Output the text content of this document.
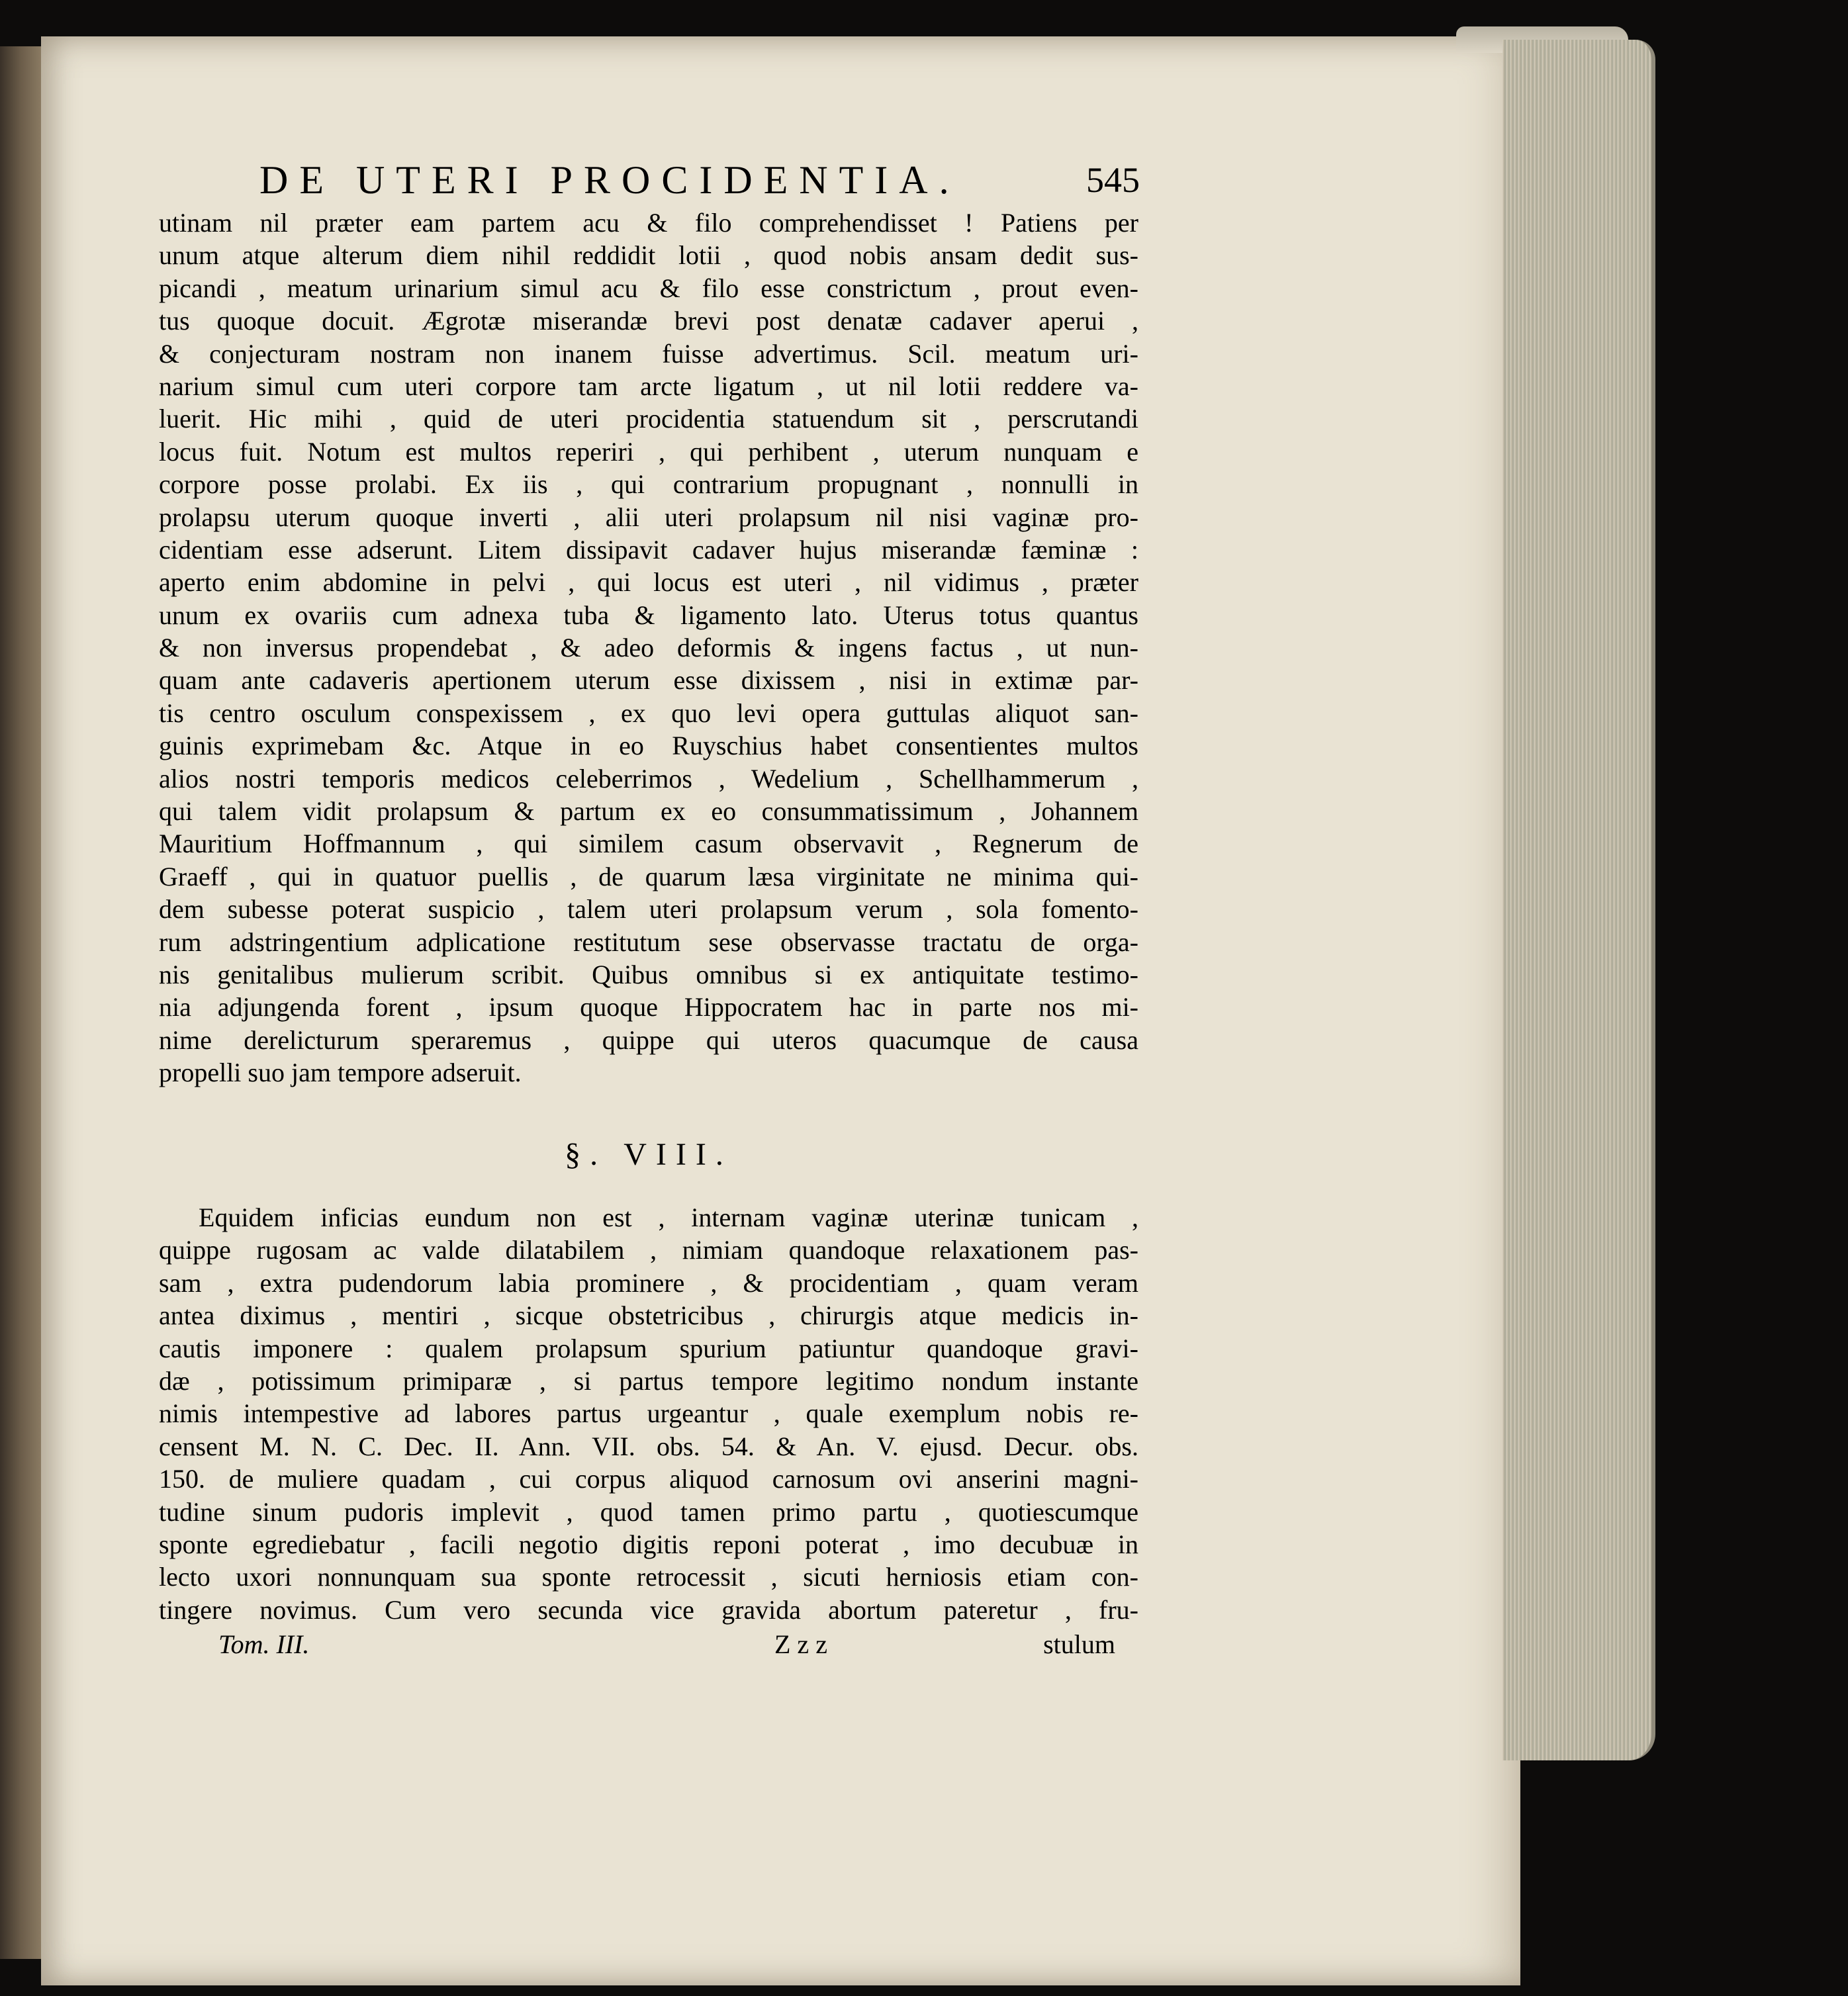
DE UTERI PROCIDENTIA.	545
utinam nil præter eam partem acu & filo comprehendisset ! Patiens per
unum atque alterum diem nihil reddidit lotii , quod nobis ansam dedit sus-
picandi , meatum urinarium simul acu & filo esse constrictum , prout even-
tus quoque docuit. Ægrotæ miserandæ brevi post denatæ cadaver aperui ,
& conjecturam nostram non inanem fuisse advertimus. Scil. meatum uri-
narium simul cum uteri corpore tam arcte ligatum , ut nil lotii reddere va-
luerit. Hic mihi , quid de uteri procidentia statuendum sit , perscrutandi
locus fuit. Notum est multos reperiri , qui perhibent , uterum nunquam e
corpore posse prolabi. Ex iis , qui contrarium propugnant , nonnulli in
prolapsu uterum quoque inverti , alii uteri prolapsum nil nisi vaginæ pro-
cidentiam esse adserunt. Litem dissipavit cadaver hujus miserandæ fæminæ :
aperto enim abdomine in pelvi , qui locus est uteri , nil vidimus , præter
unum ex ovariis cum adnexa tuba & ligamento lato. Uterus totus quantus
& non inversus propendebat , & adeo deformis & ingens factus , ut nun-
quam ante cadaveris apertionem uterum esse dixissem , nisi in extimæ par-
tis centro osculum conspexissem , ex quo levi opera guttulas aliquot san-
guinis exprimebam &c. Atque in eo Ruyschius habet consentientes multos
alios nostri temporis medicos celeberrimos , Wedelium , Schellhammerum ,
qui talem vidit prolapsum & partum ex eo consummatissimum , Johannem
Mauritium Hoffmannum , qui similem casum observavit , Regnerum de
Graeff , qui in quatuor puellis , de quarum læsa virginitate ne minima qui-
dem subesse poterat suspicio , talem uteri prolapsum verum , sola fomento-
rum adstringentium adplicatione restitutum sese observasse tractatu de orga-
nis genitalibus mulierum scribit. Quibus omnibus si ex antiquitate testimo-
nia adjungenda forent , ipsum quoque Hippocratem hac in parte nos mi-
nime derelicturum speraremus , quippe qui uteros quacumque de causa
propelli suo jam tempore adseruit.
§. VIII.
Equidem inficias eundum non est , internam vaginæ uterinæ tunicam ,
quippe rugosam ac valde dilatabilem , nimiam quandoque relaxationem pas-
sam , extra pudendorum labia prominere , & procidentiam , quam veram
antea diximus , mentiri , sicque obstetricibus , chirurgis atque medicis in-
cautis imponere : qualem prolapsum spurium patiuntur quandoque gravi-
dæ , potissimum primiparæ , si partus tempore legitimo nondum instante
nimis intempestive ad labores partus urgeantur , quale exemplum nobis re-
censent M. N. C. Dec. II. Ann. VII. obs. 54. & An. V. ejusd. Decur. obs.
150. de muliere quadam , cui corpus aliquod carnosum ovi anserini magni-
tudine sinum pudoris implevit , quod tamen primo partu , quotiescumque
sponte egrediebatur , facili negotio digitis reponi poterat , imo decubuæ in
lecto uxori nonnunquam sua sponte retrocessit , sicuti herniosis etiam con-
tingere novimus. Cum vero secunda vice gravida abortum pateretur , fru-
Tom. III.	Zzz	stulum
